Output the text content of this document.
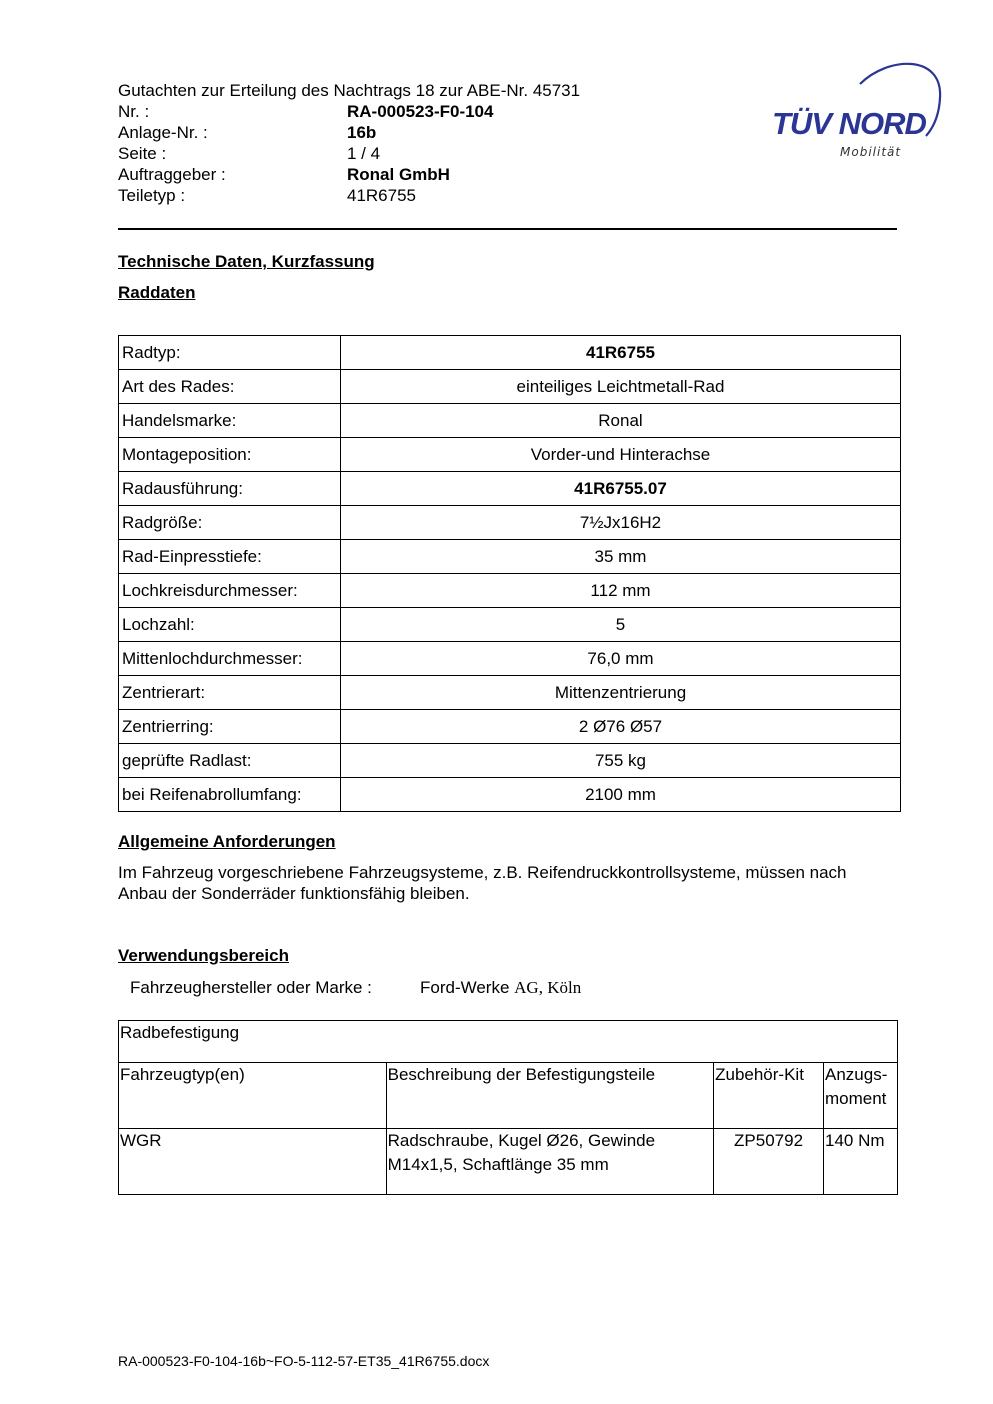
Gutachten zur Erteilung des Nachtrags 18 zur ABE-Nr. 45731
Nr. :	RA-000523-F0-104
Anlage-Nr. :	16b
Seite :	1 / 4
Auftraggeber :	Ronal GmbH
Teiletyp :	41R6755
TÜV NORD
Mobilität
Technische Daten, Kurzfassung
Raddaten
Radtyp:	41R6755
Art des Rades:	einteiliges Leichtmetall-Rad
Handelsmarke:	Ronal
Montageposition:	Vorder-und Hinterachse
Radausführung:	41R6755.07
Radgröße:	7½Jx16H2
Rad-Einpresstiefe:	35 mm
Lochkreisdurchmesser:	112 mm
Lochzahl:	5
Mittenlochdurchmesser:	76,0 mm
Zentrierart:	Mittenzentrierung
Zentrierring:	2 Ø76 Ø57
geprüfte Radlast:	755 kg
bei Reifenabrollumfang:	2100 mm
Allgemeine Anforderungen
Im Fahrzeug vorgeschriebene Fahrzeugsysteme, z.B. Reifendruckkontrollsysteme, müssen nach Anbau der Sonderräder funktionsfähig bleiben.
Verwendungsbereich
Fahrzeughersteller oder Marke :	Ford-Werke AG, Köln
Radbefestigung			
Fahrzeugtyp(en)	Beschreibung der Befestigungsteile	Zubehör-Kit	Anzugs-moment
WGR	Radschraube, Kugel Ø26, Gewinde M14x1,5, Schaftlänge 35 mm	ZP50792	140 Nm
RA-000523-F0-104-16b~FO-5-112-57-ET35_41R6755.docx
